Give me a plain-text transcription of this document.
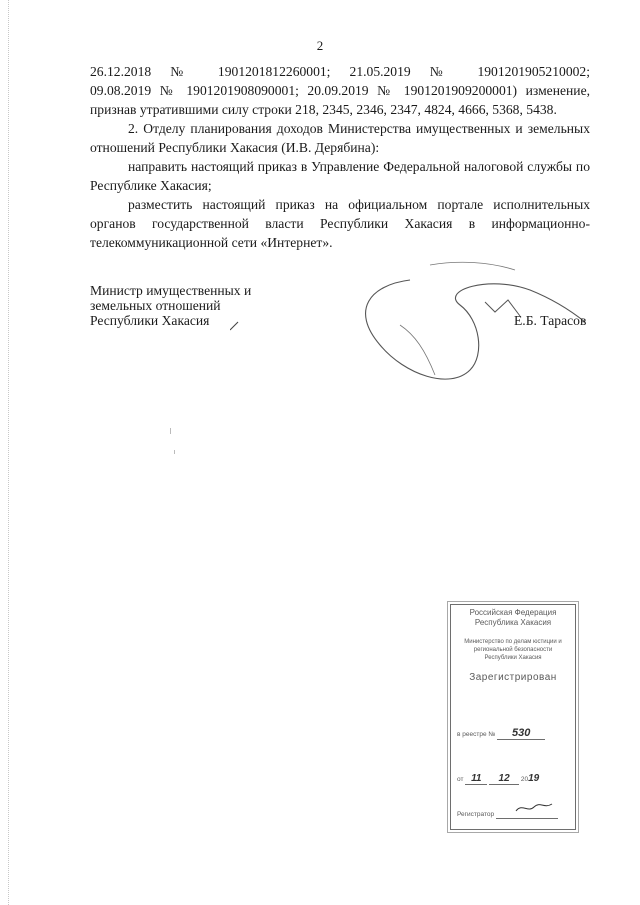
2

26.12.2018 № 1901201812260001; 21.05.2019 № 1901201905210002;

09.08.2019 № 1901201908090001; 20.09.2019 № 1901201909200001) изменение,

признав утратившими силу строки 218, 2345, 2346, 2347, 4824, 4666, 5368, 5438.

2. Отделу планирования доходов Министерства имущественных и земельных отношений Республики Хакасия (И.В. Дерябина):

направить настоящий приказ в Управление Федеральной налоговой службы по Республике Хакасия;

разместить настоящий приказ на официальном портале исполнительных органов государственной власти Республики Хакасия в информационно-телекоммуникационной сети «Интернет».

Министр имущественных и
земельных отношений
Республики Хакасия	Е.Б. Тарасов
Российская Федерация Республика Хакасия
Министерство по делам юстиции и региональной безопасности Республики Хакасия
Зарегистрирован
в реестре № 530
от 11 12 2019
Регистратор
